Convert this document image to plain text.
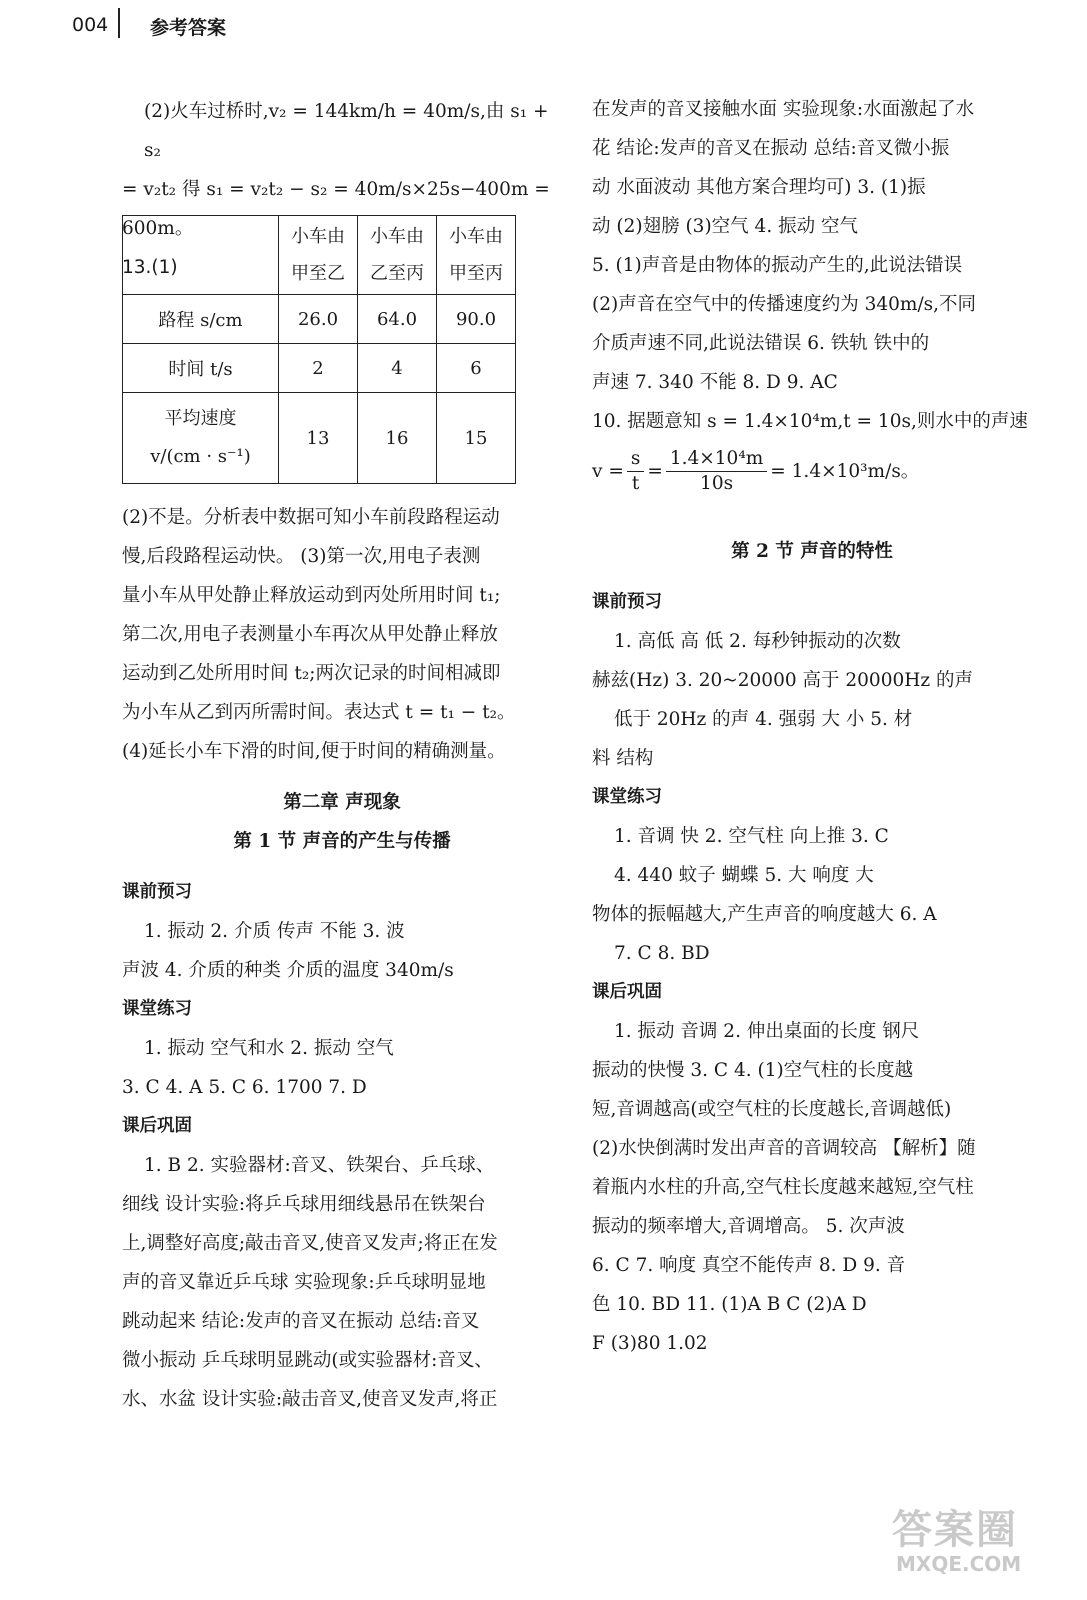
004 参考答案

(2)火车过桥时,v₂ = 144km/h = 40m/s,由 s₁ + s₂

= v₂t₂ 得 s₁ = v₂t₂ − s₂ = 40m/s×25s−400m = 600m。

13.(1)

	小车由
甲至乙	小车由
乙至丙	小车由
甲至丙
路程 s/cm	26.0	64.0	90.0
时间 t/s	2	4	6
平均速度
v/(cm · s⁻¹)	13	16	15

(2)不是。分析表中数据可知小车前段路程运动

慢,后段路程运动快。 (3)第一次,用电子表测

量小车从甲处静止释放运动到丙处所用时间 t₁;

第二次,用电子表测量小车再次从甲处静止释放

运动到乙处所用时间 t₂;两次记录的时间相减即

为小车从乙到丙所需时间。表达式 t = t₁ − t₂。

(4)延长小车下滑的时间,便于时间的精确测量。

第二章 声现象

第 1 节 声音的产生与传播

课前预习

1. 振动 2. 介质 传声 不能 3. 波

声波 4. 介质的种类 介质的温度 340m/s

课堂练习

1. 振动 空气和水 2. 振动 空气

3. C 4. A 5. C 6. 1700 7. D

课后巩固

1. B 2. 实验器材:音叉、铁架台、乒乓球、

细线 设计实验:将乒乓球用细线悬吊在铁架台

上,调整好高度;敲击音叉,使音叉发声;将正在发

声的音叉靠近乒乓球 实验现象:乒乓球明显地

跳动起来 结论:发声的音叉在振动 总结:音叉

微小振动 乒乓球明显跳动(或实验器材:音叉、

水、水盆 设计实验:敲击音叉,使音叉发声,将正

在发声的音叉接触水面 实验现象:水面激起了水

花 结论:发声的音叉在振动 总结:音叉微小振

动 水面波动 其他方案合理均可) 3. (1)振

动 (2)翅膀 (3)空气 4. 振动 空气

5. (1)声音是由物体的振动产生的,此说法错误

(2)声音在空气中的传播速度约为 340m/s,不同

介质声速不同,此说法错误 6. 铁轨 铁中的

声速 7. 340 不能 8. D 9. AC

10. 据题意知 s = 1.4×10⁴m,t = 10s,则水中的声速

$v = \frac{s}{t} = \frac{\text{1.4×10⁴m}}{10s} = 1.4\times 10^3m/s$。

第 2 节 声音的特性

课前预习

1. 高低 高 低 2. 每秒钟振动的次数

赫兹(Hz) 3. 20~20000 高于 20000Hz 的声

低于 20Hz 的声 4. 强弱 大 小 5. 材

料 结构

课堂练习

1. 音调 快 2. 空气柱 向上推 3. C

4. 440 蚊子 蝴蝶 5. 大 响度 大

物体的振幅越大,产生声音的响度越大 6. A

7. C 8. BD

课后巩固

1. 振动 音调 2. 伸出桌面的长度 钢尺

振动的快慢 3. C 4. (1)空气柱的长度越

短,音调越高(或空气柱的长度越长,音调越低)

(2)水快倒满时发出声音的音调较高 【解析】随

着瓶内水柱的升高,空气柱长度越来越短,空气柱

振动的频率增大,音调增高。 5. 次声波

6. C 7. 响度 真空不能传声 8. D 9. 音

色 10. BD 11. (1)A B C (2)A D

F (3)80 1.02

答案圈
MXQE.COM
